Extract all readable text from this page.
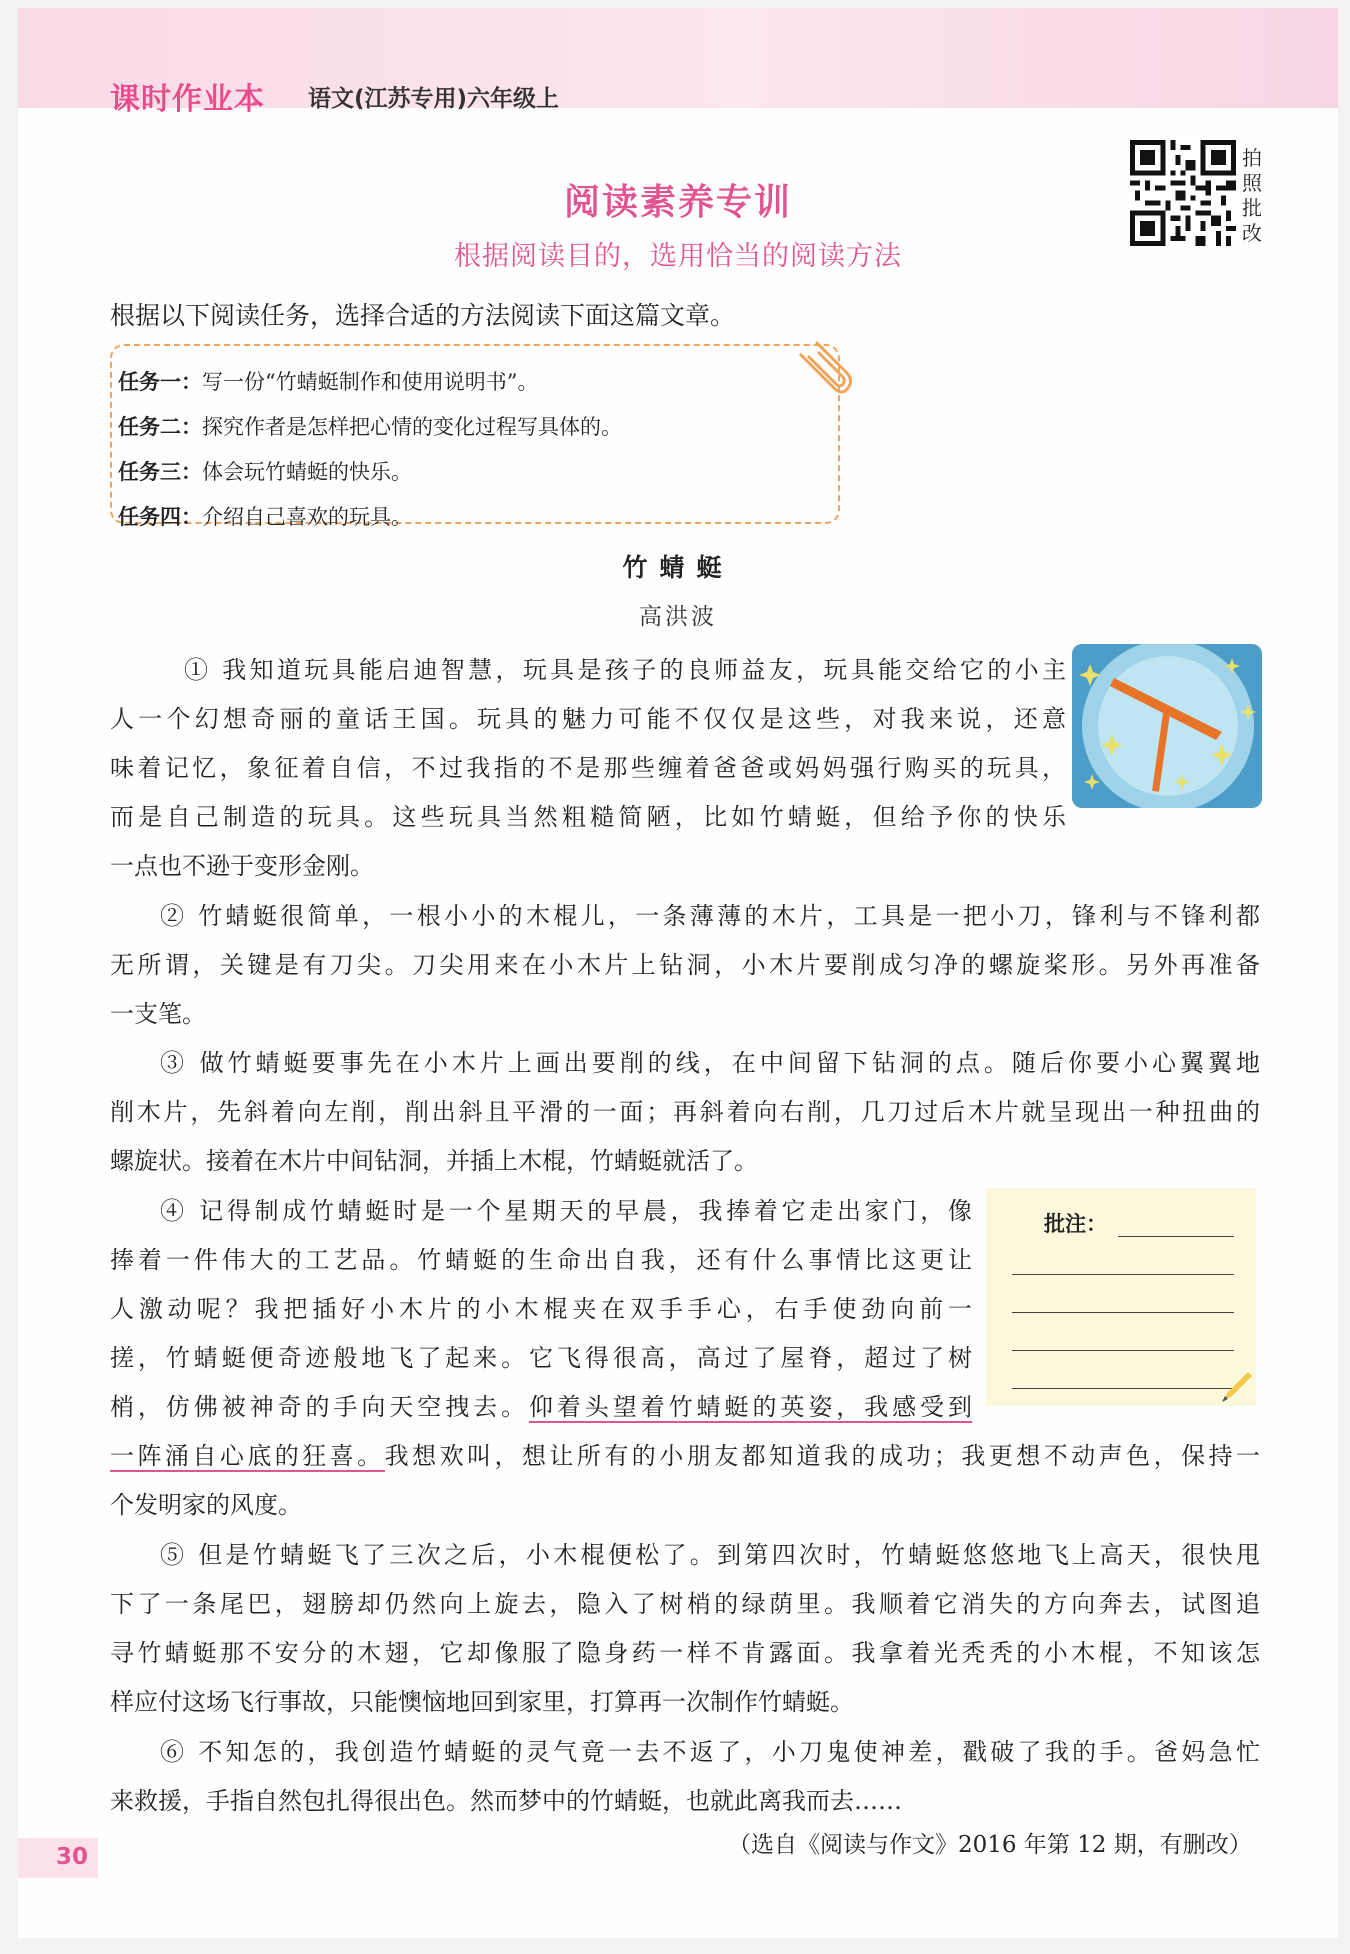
课时作业本 语文(江苏专用)六年级上
阅读素养专训
根据阅读目的，选用恰当的阅读方法
拍照批改
根据以下阅读任务，选择合适的方法阅读下面这篇文章。
任务一：写一份“竹蜻蜓制作和使用说明书”。
任务二：探究作者是怎样把心情的变化过程写具体的。
任务三：体会玩竹蜻蜓的快乐。
任务四：介绍自己喜欢的玩具。
竹蜻蜓
高洪波
① 我知道玩具能启迪智慧，玩具是孩子的良师益友，玩具能交给它的小主
人一个幻想奇丽的童话王国。玩具的魅力可能不仅仅是这些，对我来说，还意
味着记忆，象征着自信，不过我指的不是那些缠着爸爸或妈妈强行购买的玩具，
而是自己制造的玩具。这些玩具当然粗糙简陋，比如竹蜻蜓，但给予你的快乐
一点也不逊于变形金刚。
② 竹蜻蜓很简单，一根小小的木棍儿，一条薄薄的木片，工具是一把小刀，锋利与不锋利都
无所谓，关键是有刀尖。刀尖用来在小木片上钻洞，小木片要削成匀净的螺旋桨形。另外再准备
一支笔。
③ 做竹蜻蜓要事先在小木片上画出要削的线，在中间留下钻洞的点。随后你要小心翼翼地
削木片，先斜着向左削，削出斜且平滑的一面；再斜着向右削，几刀过后木片就呈现出一种扭曲的
螺旋状。接着在木片中间钻洞，并插上木棍，竹蜻蜓就活了。
④ 记得制成竹蜻蜓时是一个星期天的早晨，我捧着它走出家门，像
捧着一件伟大的工艺品。竹蜻蜓的生命出自我，还有什么事情比这更让
人激动呢？我把插好小木片的小木棍夹在双手手心，右手使劲向前一
搓，竹蜻蜓便奇迹般地飞了起来。它飞得很高，高过了屋脊，超过了树
梢，仿佛被神奇的手向天空拽去。仰着头望着竹蜻蜓的英姿，我感受到
一阵涌自心底的狂喜。我想欢叫，想让所有的小朋友都知道我的成功；我更想不动声色，保持一
个发明家的风度。
批注：
⑤ 但是竹蜻蜓飞了三次之后，小木棍便松了。到第四次时，竹蜻蜓悠悠地飞上高天，很快甩
下了一条尾巴，翅膀却仍然向上旋去，隐入了树梢的绿荫里。我顺着它消失的方向奔去，试图追
寻竹蜻蜓那不安分的木翅，它却像服了隐身药一样不肯露面。我拿着光秃秃的小木棍，不知该怎
样应付这场飞行事故，只能懊恼地回到家里，打算再一次制作竹蜻蜓。
⑥ 不知怎的，我创造竹蜻蜓的灵气竟一去不返了，小刀鬼使神差，戳破了我的手。爸妈急忙
来救援，手指自然包扎得很出色。然而梦中的竹蜻蜓，也就此离我而去……
（选自《阅读与作文》2016 年第 12 期，有删改）
30
